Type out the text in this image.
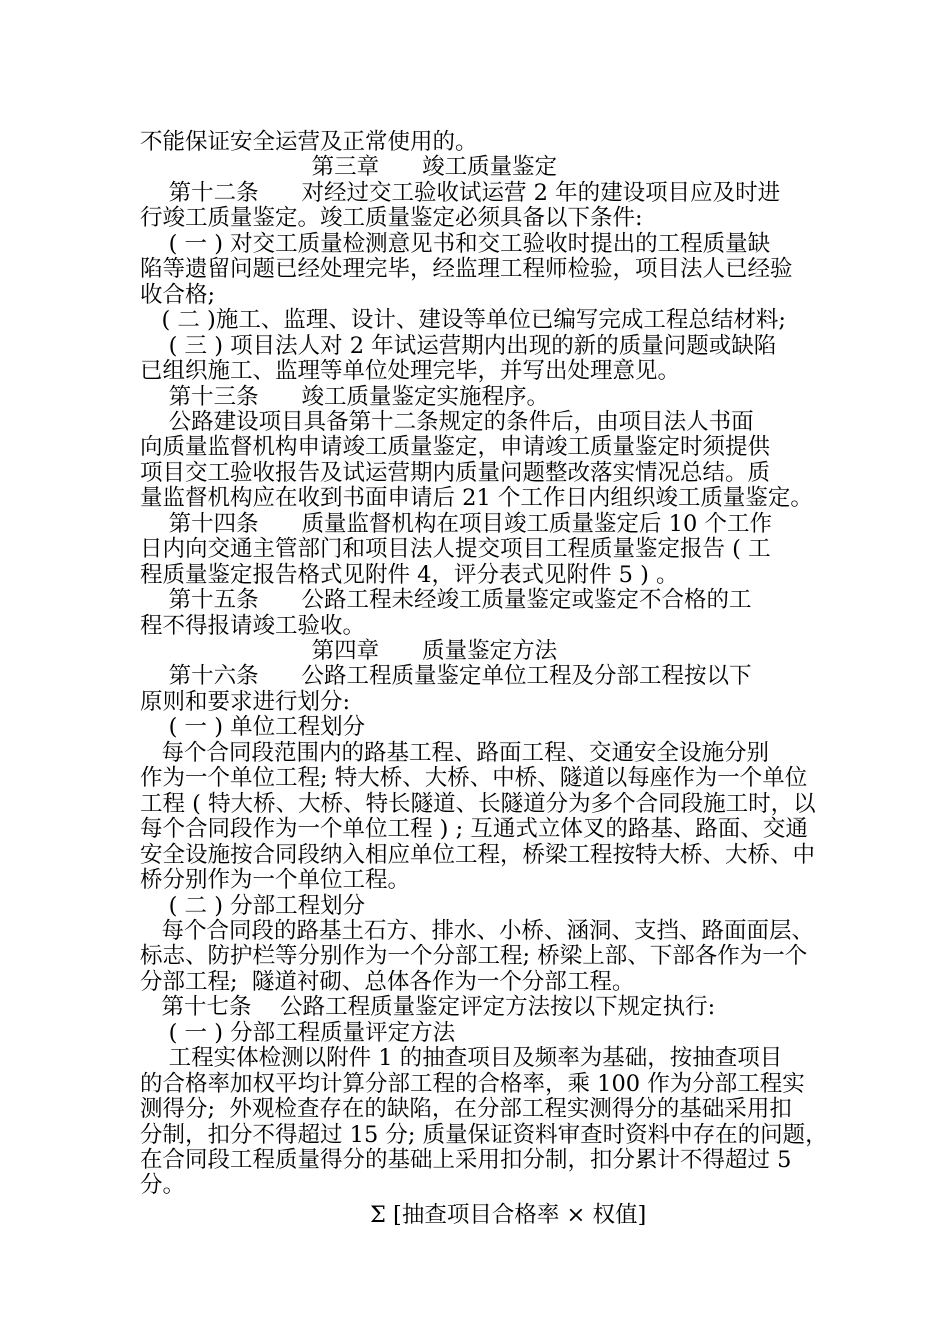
不能保证安全运营及正常使用的。
第三章      竣工质量鉴定
第十二条      对经过交工验收试运营 2 年的建设项目应及时进
行竣工质量鉴定。竣工质量鉴定必须具备以下条件:
( 一 ) 对交工质量检测意见书和交工验收时提出的工程质量缺
陷等遗留问题已经处理完毕，经监理工程师检验，项目法人已经验
收合格;
( 二 )施工、监理、设计、建设等单位已编写完成工程总结材料;
( 三 ) 项目法人对 2 年试运营期内出现的新的质量问题或缺陷
已组织施工、监理等单位处理完毕，并写出处理意见。
第十三条      竣工质量鉴定实施程序。
公路建设项目具备第十二条规定的条件后，由项目法人书面
向质量监督机构申请竣工质量鉴定，申请竣工质量鉴定时须提供
项目交工验收报告及试运营期内质量问题整改落实情况总结。质
量监督机构应在收到书面申请后 21 个工作日内组织竣工质量鉴定。
第十四条      质量监督机构在项目竣工质量鉴定后 10 个工作
日内向交通主管部门和项目法人提交项目工程质量鉴定报告 ( 工
程质量鉴定报告格式见附件 4，评分表式见附件 5 ) 。
第十五条      公路工程未经竣工质量鉴定或鉴定不合格的工
程不得报请竣工验收。
第四章      质量鉴定方法
第十六条      公路工程质量鉴定单位工程及分部工程按以下
原则和要求进行划分:
( 一 ) 单位工程划分
每个合同段范围内的路基工程、路面工程、交通安全设施分别
作为一个单位工程; 特大桥、大桥、中桥、隧道以每座作为一个单位
工程 ( 特大桥、大桥、特长隧道、长隧道分为多个合同段施工时，以
每个合同段作为一个单位工程 ) ; 互通式立体叉的路基、路面、交通
安全设施按合同段纳入相应单位工程，桥梁工程按特大桥、大桥、中
桥分别作为一个单位工程。
( 二 ) 分部工程划分
每个合同段的路基土石方、排水、小桥、涵洞、支挡、路面面层、
标志、防护栏等分别作为一个分部工程; 桥梁上部、下部各作为一个
分部工程;  隧道衬砌、总体各作为一个分部工程。
第十七条    公路工程质量鉴定评定方法按以下规定执行:
( 一 ) 分部工程质量评定方法
工程实体检测以附件 1 的抽查项目及频率为基础，按抽查项目
的合格率加权平均计算分部工程的合格率，乘 100 作为分部工程实
测得分;  外观检查存在的缺陷，在分部工程实测得分的基础采用扣
分制，扣分不得超过 15 分; 质量保证资料审查时资料中存在的问题，
在合同段工程质量得分的基础上采用扣分制，扣分累计不得超过 5
分。
Σ [抽查项目合格率 × 权值]
